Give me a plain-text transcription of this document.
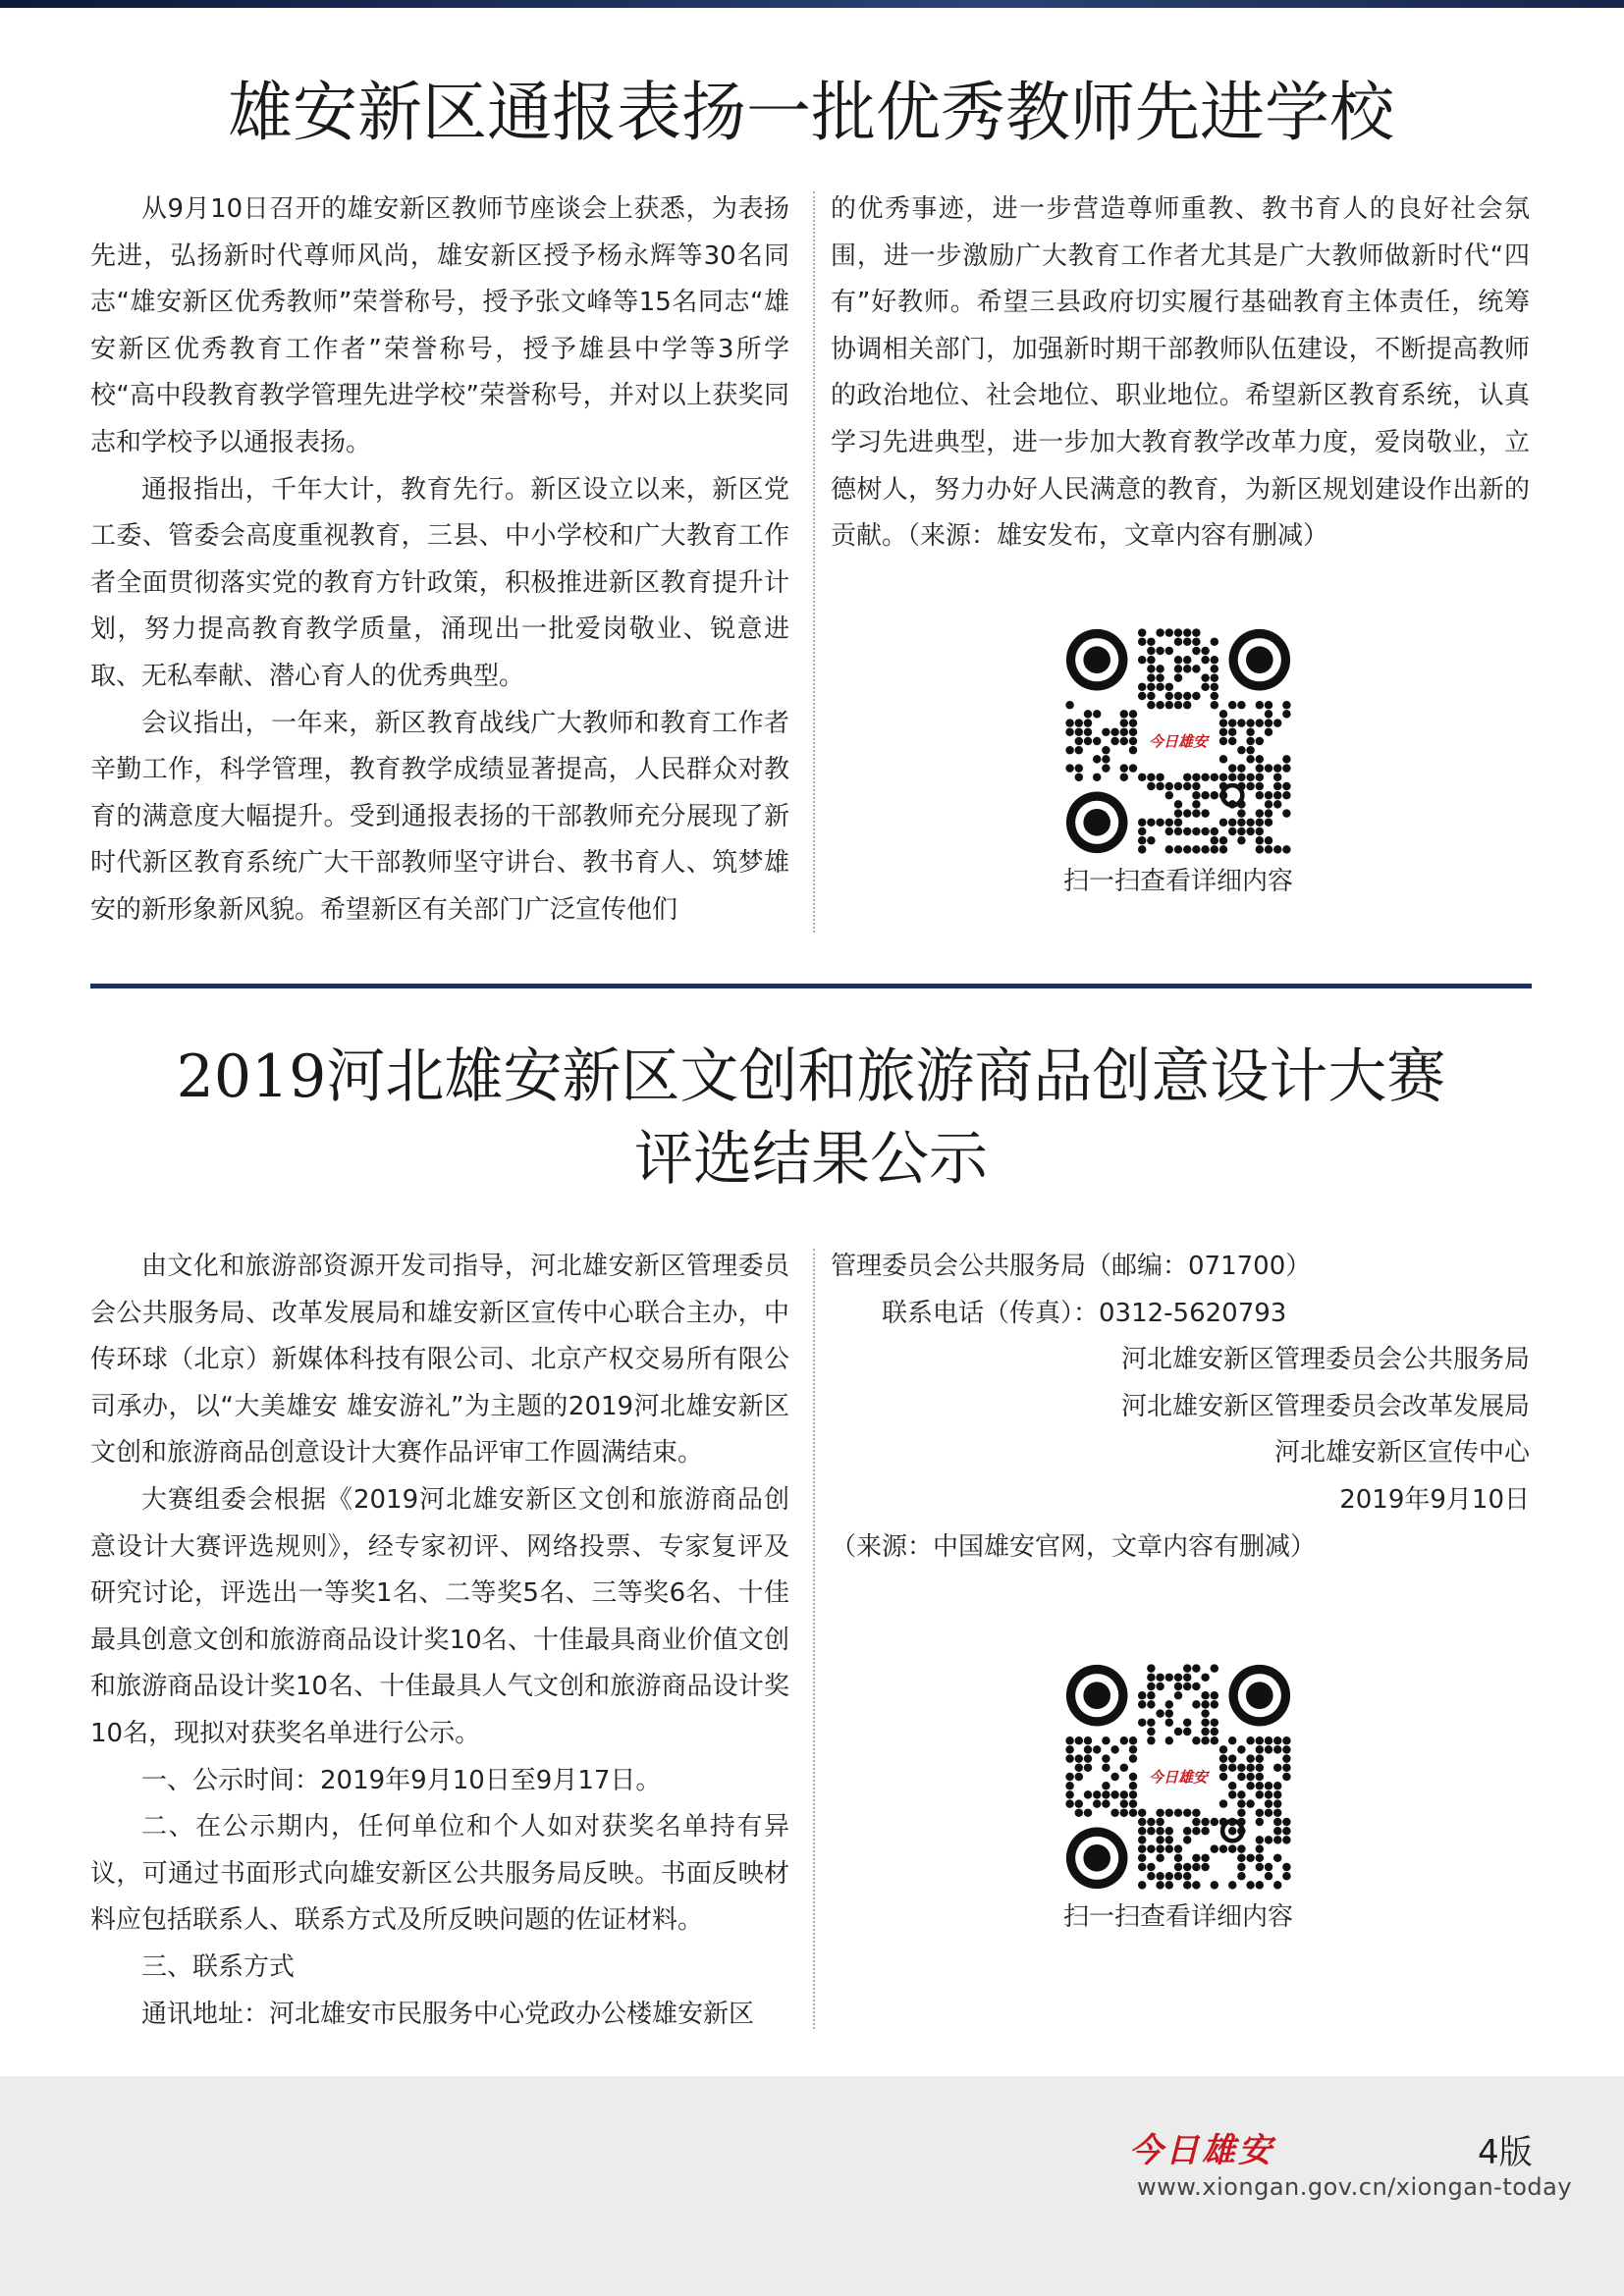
雄安新区通报表扬一批优秀教师先进学校

从9月10日召开的雄安新区教师节座谈会上获悉，为表扬先进，弘扬新时代尊师风尚，雄安新区授予杨永辉等30名同志“雄安新区优秀教师”荣誉称号，授予张文峰等15名同志“雄安新区优秀教育工作者”荣誉称号，授予雄县中学等3所学校“高中段教育教学管理先进学校”荣誉称号，并对以上获奖同志和学校予以通报表扬。

通报指出，千年大计，教育先行。新区设立以来，新区党工委、管委会高度重视教育，三县、中小学校和广大教育工作者全面贯彻落实党的教育方针政策，积极推进新区教育提升计划，努力提高教育教学质量，涌现出一批爱岗敬业、锐意进取、无私奉献、潜心育人的优秀典型。

会议指出，一年来，新区教育战线广大教师和教育工作者辛勤工作，科学管理，教育教学成绩显著提高，人民群众对教育的满意度大幅提升。受到通报表扬的干部教师充分展现了新时代新区教育系统广大干部教师坚守讲台、教书育人、筑梦雄安的新形象新风貌。希望新区有关部门广泛宣传他们

的优秀事迹，进一步营造尊师重教、教书育人的良好社会氛围，进一步激励广大教育工作者尤其是广大教师做新时代“四有”好教师。希望三县政府切实履行基础教育主体责任，统筹协调相关部门，加强新时期干部教师队伍建设，不断提高教师的政治地位、社会地位、职业地位。希望新区教育系统，认真学习先进典型，进一步加大教育教学改革力度，爱岗敬业，立德树人，努力办好人民满意的教育，为新区规划建设作出新的贡献。（来源：雄安发布，文章内容有删减）

今日雄安
扫一扫查看详细内容
2019河北雄安新区文创和旅游商品创意设计大赛
评选结果公示

由文化和旅游部资源开发司指导，河北雄安新区管理委员会公共服务局、改革发展局和雄安新区宣传中心联合主办，中传环球（北京）新媒体科技有限公司、北京产权交易所有限公司承办，以“大美雄安 雄安游礼”为主题的2019河北雄安新区文创和旅游商品创意设计大赛作品评审工作圆满结束。

大赛组委会根据《2019河北雄安新区文创和旅游商品创意设计大赛评选规则》，经专家初评、网络投票、专家复评及研究讨论，评选出一等奖1名、二等奖5名、三等奖6名、十佳最具创意文创和旅游商品设计奖10名、十佳最具商业价值文创和旅游商品设计奖10名、十佳最具人气文创和旅游商品设计奖10名，现拟对获奖名单进行公示。

一、公示时间：2019年9月10日至9月17日。

二、在公示期内，任何单位和个人如对获奖名单持有异议，可通过书面形式向雄安新区公共服务局反映。书面反映材料应包括联系人、联系方式及所反映问题的佐证材料。

三、联系方式

通讯地址：河北雄安市民服务中心党政办公楼雄安新区

管理委员会公共服务局（邮编：071700）

联系电话（传真）：0312-5620793

河北雄安新区管理委员会公共服务局

河北雄安新区管理委员会改革发展局

河北雄安新区宣传中心

2019年9月10日

（来源：中国雄安官网，文章内容有删减）

今日雄安
扫一扫查看详细内容
今日雄安	4版
www.xiongan.gov.cn/xiongan-today
